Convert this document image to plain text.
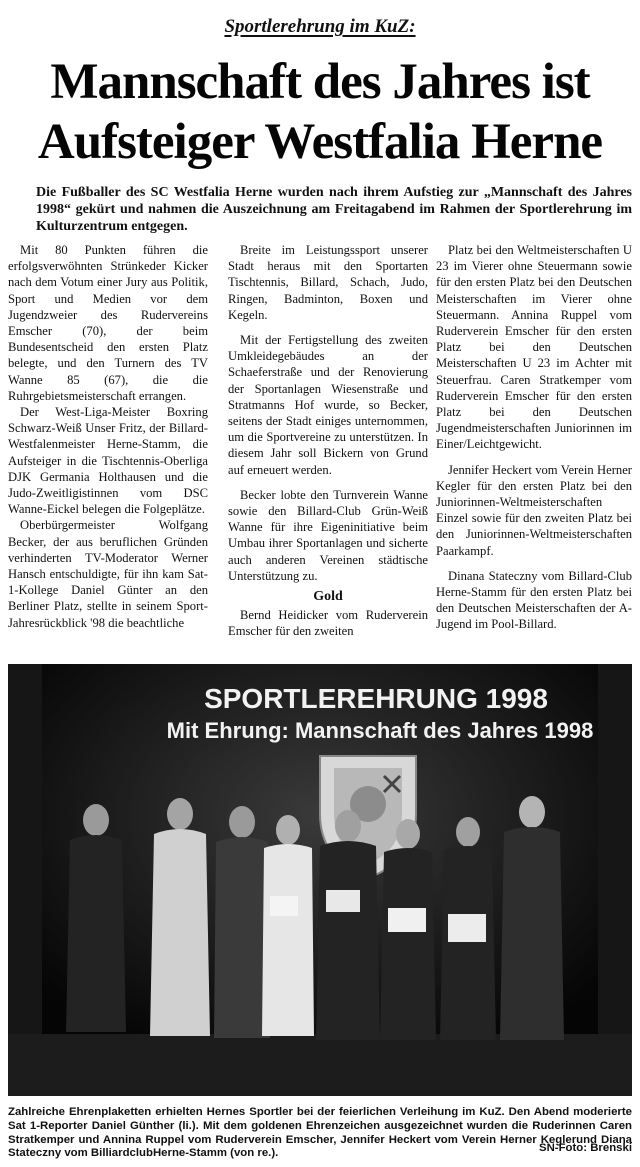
Sportlerehrung im KuZ:
Mannschaft des Jahres ist
Aufsteiger Westfalia Herne

Die Fußballer des SC Westfalia Herne wurden nach ihrem Aufstieg zur „Mannschaft des Jahres 1998“ gekürt und nahmen die Auszeichnung am Freitagabend im Rahmen der Sportlerehrung im Kulturzentrum entgegen.

Mit 80 Punkten führen die erfolgsverwöhnten Strünkeder Kicker nach dem Votum einer Jury aus Politik, Sport und Medien vor dem Jugendzweier des Rudervereins Emscher (70), der beim Bundesentscheid den ersten Platz belegte, und den Turnern des TV Wanne 85 (67), die die Ruhrgebietsmeisterschaft errangen.

Der West-Liga-Meister Boxring Schwarz-Weiß Unser Fritz, der Billard-Westfalenmeister Herne-Stamm, die Aufsteiger in die Tischtennis-Oberliga DJK Germania Holthausen und die Judo-Zweitligistinnen vom DSC Wanne-Eickel belegen die Folgeplätze.

Oberbürgermeister Wolfgang Becker, der aus beruflichen Gründen verhinderten TV-Moderator Werner Hansch entschuldigte, für ihn kam Sat-1-Kollege Daniel Günter an den Berliner Platz, stellte in seinem Sport-Jahresrückblick '98 die beachtliche

Breite im Leistungssport unserer Stadt heraus mit den Sportarten Tischtennis, Billard, Schach, Judo, Ringen, Badminton, Boxen und Kegeln.

Mit der Fertigstellung des zweiten Umkleidegebäudes an der Schaeferstraße und der Renovierung der Sportanlagen Wiesenstraße und Stratmanns Hof wurde, so Becker, seitens der Stadt einiges unternommen, um die Sportvereine zu unterstützen. In diesem Jahr soll Bickern von Grund auf erneuert werden.

Becker lobte den Turnverein Wanne sowie den Billard-Club Grün-Weiß Wanne für ihre Eigeninitiative beim Umbau ihrer Sportanlagen und sicherte auch anderen Vereinen städtische Unterstützung zu.

Gold

Bernd Heidicker vom Ruderverein Emscher für den zweiten

Platz bei den Weltmeisterschaften U 23 im Vierer ohne Steuermann sowie für den ersten Platz bei den Deutschen Meisterschaften im Vierer ohne Steuermann. Annina Ruppel vom Ruderverein Emscher für den ersten Platz bei den Deutschen Meisterschaften U 23 im Achter mit Steuerfrau. Caren Stratkemper vom Ruderverein Emscher für den ersten Platz bei den Deutschen Jugendmeisterschaften Juniorinnen im Einer/Leichtgewicht.

Jennifer Heckert vom Verein Herner Kegler für den ersten Platz bei den Juniorinnen-Weltmeisterschaften Einzel sowie für den zweiten Platz bei den Juniorinnen-Weltmeisterschaften Paarkampf.

Dinana Stateczny vom Billard-Club Herne-Stamm für den ersten Platz bei den Deutschen Meisterschaften der A-Jugend im Pool-Billard.

SPORTLEREHRUNG 1998
Mit Ehrung: Mannschaft des Jahres 1998

Zahlreiche Ehrenplaketten erhielten Hernes Sportler bei der feierlichen Verleihung im KuZ. Den Abend moderierte Sat 1-Reporter Daniel Günther (li.). Mit dem goldenen Ehrenzeichen ausgezeichnet wurden die Ruderinnen Caren Stratkemper und Annina Ruppel vom Ruderverein Emscher, Jennifer Heckert vom Verein Herner Keglerund Diana Stateczny vom BilliardclubHerne-Stamm (von re.).	SN-Foto: Brenski
